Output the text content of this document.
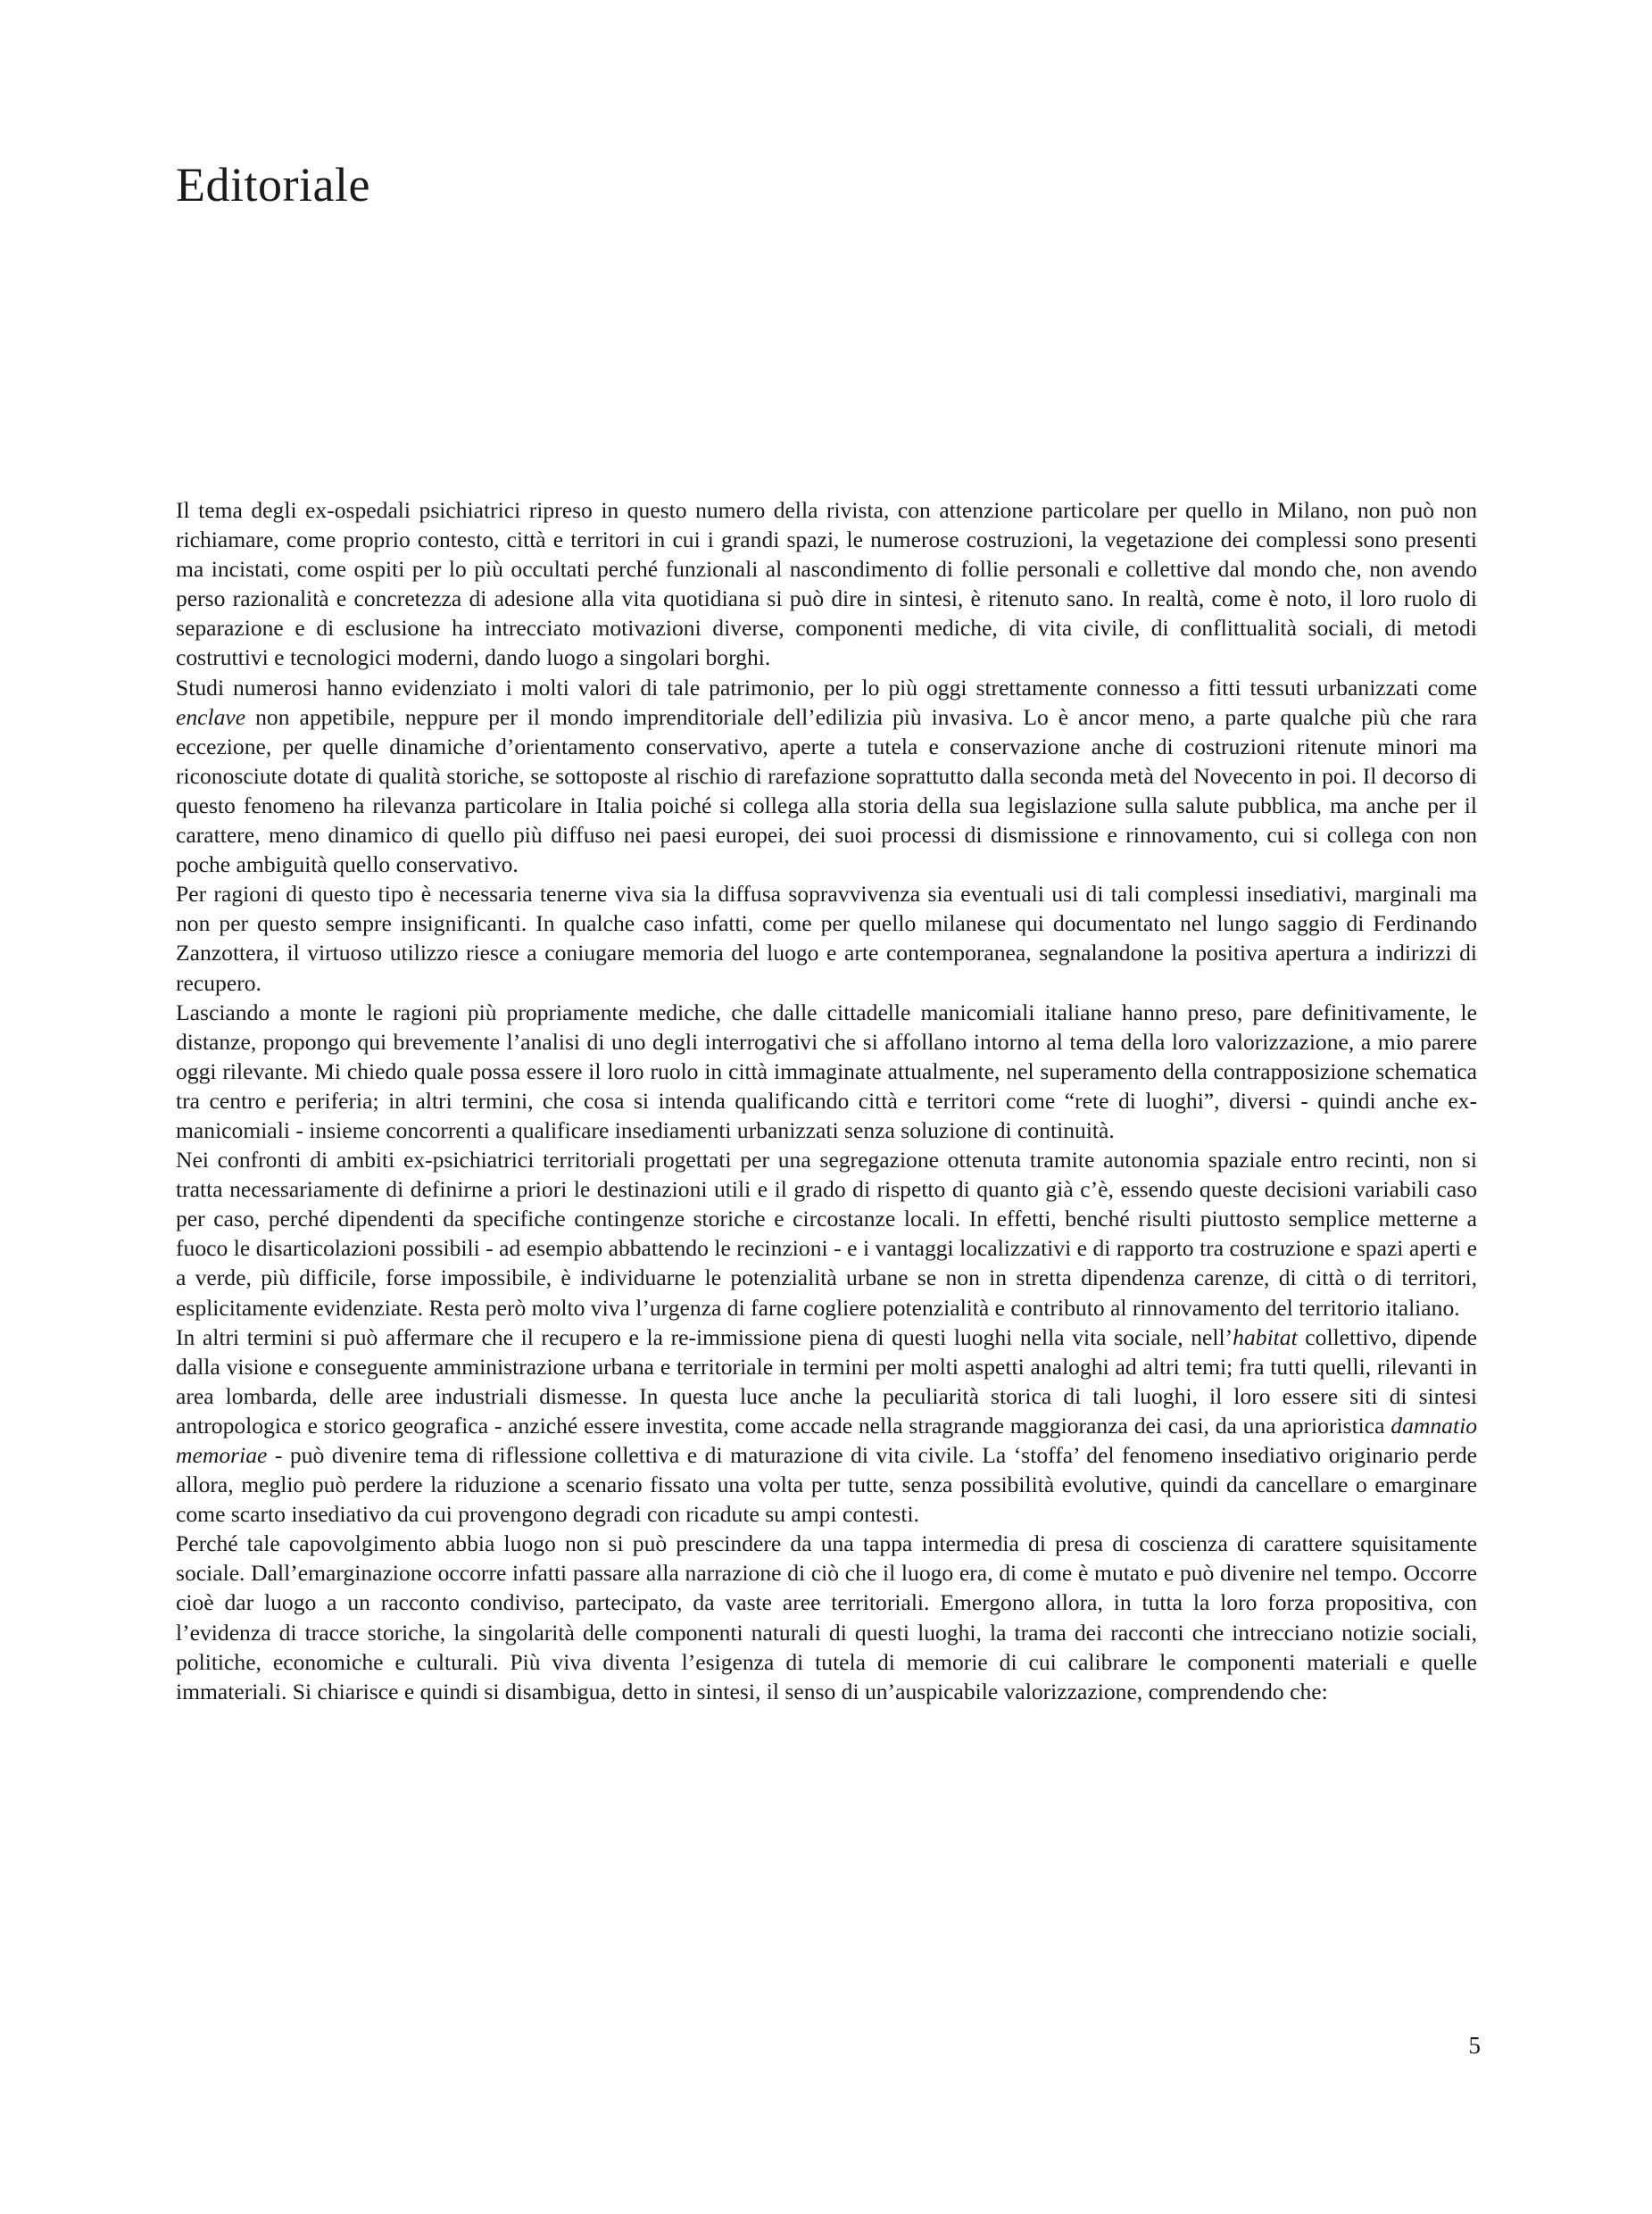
Editoriale

Il tema degli ex-ospedali psichiatrici ripreso in questo numero della rivista, con attenzione particolare per quello in Milano, non può non richiamare, come proprio contesto, città e territori in cui i grandi spazi, le numerose costruzioni, la vegetazione dei complessi sono presenti ma incistati, come ospiti per lo più occultati perché funzionali al nascondimento di follie personali e collettive dal mondo che, non avendo perso razionalità e concretezza di adesione alla vita quotidiana si può dire in sintesi, è ritenuto sano. In realtà, come è noto, il loro ruolo di separazione e di esclusione ha intrecciato motivazioni diverse, componenti mediche, di vita civile, di conflittualità sociali, di metodi costruttivi e tecnologici moderni, dando luogo a singolari borghi.

Studi numerosi hanno evidenziato i molti valori di tale patrimonio, per lo più oggi strettamente connesso a fitti tessuti urbanizzati come enclave non appetibile, neppure per il mondo imprenditoriale dell’edilizia più invasiva. Lo è ancor meno, a parte qualche più che rara eccezione, per quelle dinamiche d’orientamento conservativo, aperte a tutela e conservazione anche di costruzioni ritenute minori ma riconosciute dotate di qualità storiche, se sottoposte al rischio di rarefazione soprattutto dalla seconda metà del Novecento in poi. Il decorso di questo fenomeno ha rilevanza particolare in Italia poiché si collega alla storia della sua legislazione sulla salute pubblica, ma anche per il carattere, meno dinamico di quello più diffuso nei paesi europei, dei suoi processi di dismissione e rinnovamento, cui si collega con non poche ambiguità quello conservativo.

Per ragioni di questo tipo è necessaria tenerne viva sia la diffusa sopravvivenza sia eventuali usi di tali complessi insediativi, marginali ma non per questo sempre insignificanti. In qualche caso infatti, come per quello milanese qui documentato nel lungo saggio di Ferdinando Zanzottera, il virtuoso utilizzo riesce a coniugare memoria del luogo e arte contemporanea, segnalandone la positiva apertura a indirizzi di recupero.

Lasciando a monte le ragioni più propriamente mediche, che dalle cittadelle manicomiali italiane hanno preso, pare definitivamente, le distanze, propongo qui brevemente l’analisi di uno degli interrogativi che si affollano intorno al tema della loro valorizzazione, a mio parere oggi rilevante. Mi chiedo quale possa essere il loro ruolo in città immaginate attualmente, nel superamento della contrapposizione schematica tra centro e periferia; in altri termini, che cosa si intenda qualificando città e territori come “rete di luoghi”, diversi - quindi anche ex-manicomiali - insieme concorrenti a qualificare insediamenti urbanizzati senza soluzione di continuità.

Nei confronti di ambiti ex-psichiatrici territoriali progettati per una segregazione ottenuta tramite autonomia spaziale entro recinti, non si tratta necessariamente di definirne a priori le destinazioni utili e il grado di rispetto di quanto già c’è, essendo queste decisioni variabili caso per caso, perché dipendenti da specifiche contingenze storiche e circostanze locali. In effetti, benché risulti piuttosto semplice metterne a fuoco le disarticolazioni possibili - ad esempio abbattendo le recinzioni - e i vantaggi localizzativi e di rapporto tra costruzione e spazi aperti e a verde, più difficile, forse impossibile, è individuarne le potenzialità urbane se non in stretta dipendenza carenze, di città o di territori, esplicitamente evidenziate. Resta però molto viva l’urgenza di farne cogliere potenzialità e contributo al rinnovamento del territorio italiano.

In altri termini si può affermare che il recupero e la re-immissione piena di questi luoghi nella vita sociale, nell’habitat collettivo, dipende dalla visione e conseguente amministrazione urbana e territoriale in termini per molti aspetti analoghi ad altri temi; fra tutti quelli, rilevanti in area lombarda, delle aree industriali dismesse. In questa luce anche la peculiarità storica di tali luoghi, il loro essere siti di sintesi antropologica e storico geografica - anziché essere investita, come accade nella stragrande maggioranza dei casi, da una aprioristica damnatio memoriae - può divenire tema di riflessione collettiva e di maturazione di vita civile. La ‘stoffa’ del fenomeno insediativo originario perde allora, meglio può perdere la riduzione a scenario fissato una volta per tutte, senza possibilità evolutive, quindi da cancellare o emarginare come scarto insediativo da cui provengono degradi con ricadute su ampi contesti.

Perché tale capovolgimento abbia luogo non si può prescindere da una tappa intermedia di presa di coscienza di carattere squisitamente sociale. Dall’emarginazione occorre infatti passare alla narrazione di ciò che il luogo era, di come è mutato e può divenire nel tempo. Occorre cioè dar luogo a un racconto condiviso, partecipato, da vaste aree territoriali. Emergono allora, in tutta la loro forza propositiva, con l’evidenza di tracce storiche, la singolarità delle componenti naturali di questi luoghi, la trama dei racconti che intrecciano notizie sociali, politiche, economiche e culturali. Più viva diventa l’esigenza di tutela di memorie di cui calibrare le componenti materiali e quelle immateriali. Si chiarisce e quindi si disambigua, detto in sintesi, il senso di un’auspicabile valorizzazione, comprendendo che:

5
